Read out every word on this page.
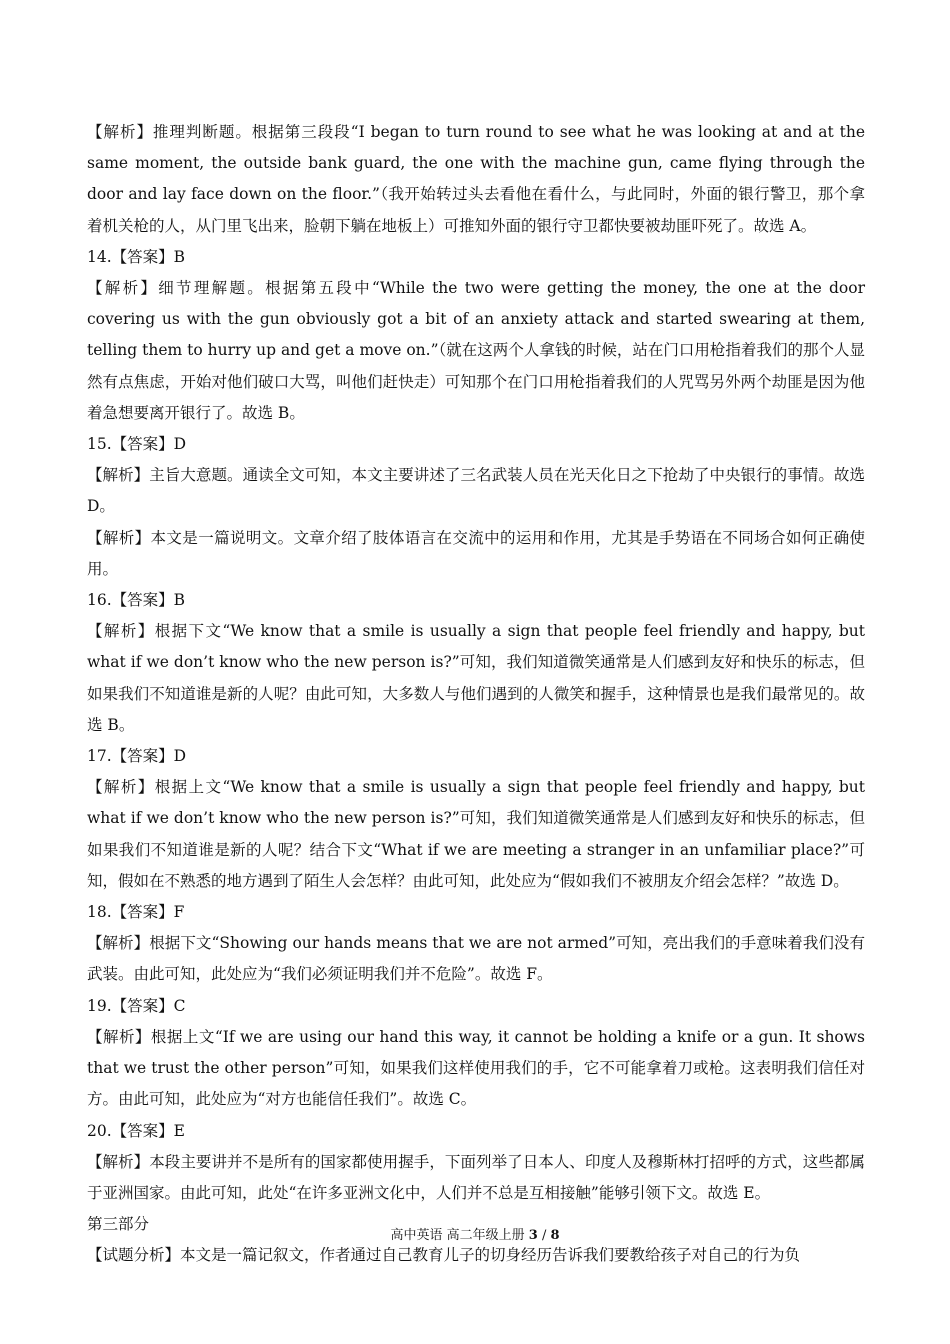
【解析】推理判断题。根据第三段段“I began to turn round to see what he was looking at and at the same moment, the outside bank guard, the one with the machine gun, came flying through the door and lay face down on the floor.”（我开始转过头去看他在看什么，与此同时，外面的银行警卫，那个拿着机关枪的人，从门里飞出来，脸朝下躺在地板上）可推知外面的银行守卫都快要被劫匪吓死了。故选 A。

14.【答案】B

【解析】细节理解题。根据第五段中“While the two were getting the money, the one at the door covering us with the gun obviously got a bit of an anxiety attack and started swearing at them, telling them to hurry up and get a move on.”（就在这两个人拿钱的时候，站在门口用枪指着我们的那个人显然有点焦虑，开始对他们破口大骂，叫他们赶快走）可知那个在门口用枪指着我们的人咒骂另外两个劫匪是因为他着急想要离开银行了。故选 B。

15.【答案】D

【解析】主旨大意题。通读全文可知，本文主要讲述了三名武装人员在光天化日之下抢劫了中央银行的事情。故选 D。

【解析】本文是一篇说明文。文章介绍了肢体语言在交流中的运用和作用，尤其是手势语在不同场合如何正确使用。

16.【答案】B

【解析】根据下文“We know that a smile is usually a sign that people feel friendly and happy, but what if we don’t know who the new person is?”可知，我们知道微笑通常是人们感到友好和快乐的标志，但如果我们不知道谁是新的人呢？由此可知，大多数人与他们遇到的人微笑和握手，这种情景也是我们最常见的。故选 B。

17.【答案】D

【解析】根据上文“We know that a smile is usually a sign that people feel friendly and happy, but what if we don’t know who the new person is?”可知，我们知道微笑通常是人们感到友好和快乐的标志，但如果我们不知道谁是新的人呢？结合下文“What if we are meeting a stranger in an unfamiliar place?”可知，假如在不熟悉的地方遇到了陌生人会怎样？由此可知，此处应为“假如我们不被朋友介绍会怎样？”故选 D。

18.【答案】F

【解析】根据下文“Showing our hands means that we are not armed”可知，亮出我们的手意味着我们没有武装。由此可知，此处应为“我们必须证明我们并不危险”。故选 F。

19.【答案】C

【解析】根据上文“If we are using our hand this way, it cannot be holding a knife or a gun. It shows that we trust the other person”可知，如果我们这样使用我们的手，它不可能拿着刀或枪。这表明我们信任对方。由此可知，此处应为“对方也能信任我们”。故选 C。

20.【答案】E

【解析】本段主要讲并不是所有的国家都使用握手，下面列举了日本人、印度人及穆斯林打招呼的方式，这些都属于亚洲国家。由此可知，此处“在许多亚洲文化中，人们并不总是互相接触”能够引领下文。故选 E。

第三部分

【试题分析】本文是一篇记叙文，作者通过自己教育儿子的切身经历告诉我们要教给孩子对自己的行为负

高中英语 高二年级上册 3 / 8
